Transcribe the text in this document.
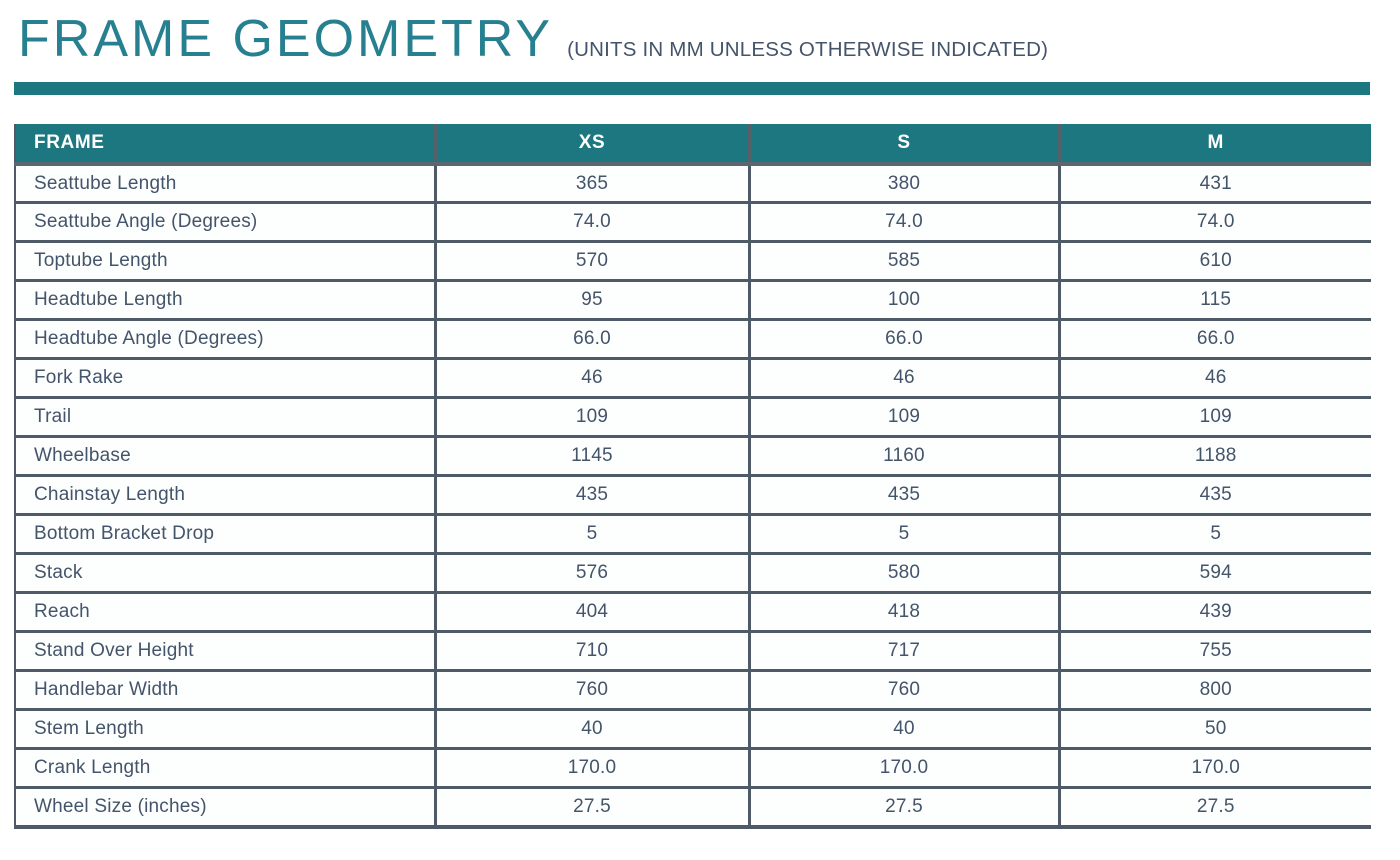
FRAME GEOMETRY (UNITS IN MM UNLESS OTHERWISE INDICATED)
FRAME	XS	S	M
Seattube Length	365	380	431
Seattube Angle (Degrees)	74.0	74.0	74.0
Toptube Length	570	585	610
Headtube Length	95	100	115
Headtube Angle (Degrees)	66.0	66.0	66.0
Fork Rake	46	46	46
Trail	109	109	109
Wheelbase	1145	1160	1188
Chainstay Length	435	435	435
Bottom Bracket Drop	5	5	5
Stack	576	580	594
Reach	404	418	439
Stand Over Height	710	717	755
Handlebar Width	760	760	800
Stem Length	40	40	50
Crank Length	170.0	170.0	170.0
Wheel Size (inches)	27.5	27.5	27.5
